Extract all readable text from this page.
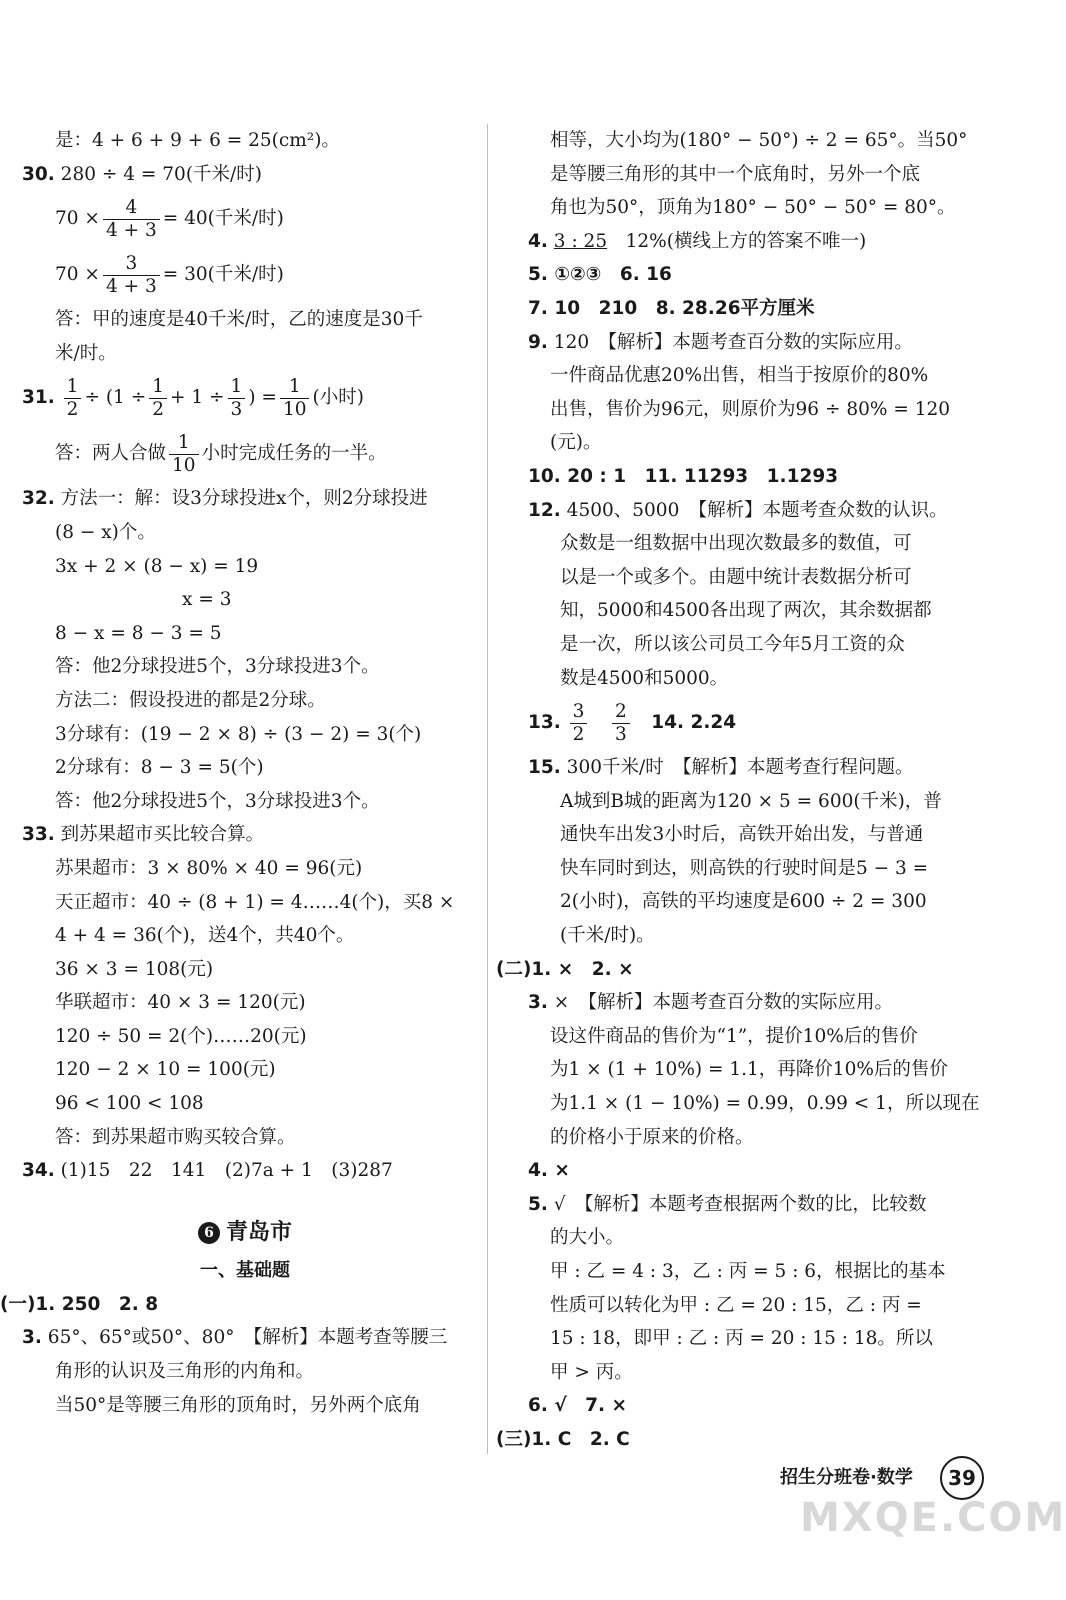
是：4 + 6 + 9 + 6 = 25(cm²)。
30. 280 ÷ 4 = 70(千米/时)
$70 \times \frac{4}{4 + 3} = 40$(千米/时)
$70 \times \frac{3}{4 + 3} = 30$(千米/时)
答：甲的速度是40千米/时，乙的速度是30千
米/时。
31. $\frac{1}{2} \div (1 \div \frac{1}{2} + 1 \div \frac{1}{3}$ ) = $\frac{1}{10}$ (小时)
答：两人合做 $\frac{1}{10}$ 小时完成任务的一半。
32. 方法一：解：设3分球投进x个，则2分球投进
(8 − x)个。
3x + 2 × (8 − x) = 19
x = 3
8 − x = 8 − 3 = 5
答：他2分球投进5个，3分球投进3个。
方法二：假设投进的都是2分球。
3分球有：(19 − 2 × 8) ÷ (3 − 2) = 3(个)
2分球有：8 − 3 = 5(个)
答：他2分球投进5个，3分球投进3个。
33. 到苏果超市买比较合算。
苏果超市：3 × 80% × 40 = 96(元)
天正超市：40 ÷ (8 + 1) = 4……4(个)，买8 ×
4 + 4 = 36(个)，送4个，共40个。
36 × 3 = 108(元)
华联超市：40 × 3 = 120(元)
120 ÷ 50 = 2(个)……20(元)
120 − 2 × 10 = 100(元)
96 < 100 < 108
答：到苏果超市购买较合算。
34. (1)15　22　141　(2)7a + 1　(3)287
6 青岛市
一、基础题
(一)1. 250　2. 8
3. 65°、65°或50°、80°　【解析】本题考查等腰三
角形的认识及三角形的内角和。
当50°是等腰三角形的顶角时，另外两个底角
相等，大小均为(180° − 50°) ÷ 2 = 65°。当50°
是等腰三角形的其中一个底角时，另外一个底
角也为50°，顶角为180° − 50° − 50° = 80°。
4. 3 : 25　 12%(横线上方的答案不唯一)
5. ①②③　6. 16
7. 10　210　8. 28.26平方厘米
9. 120　【解析】本题考查百分数的实际应用。
一件商品优惠20%出售，相当于按原价的80%
出售，售价为96元，则原价为96 ÷ 80% = 120
(元)。
10. 20 : 1　11. 11293　1.1293
12. 4500、5000　【解析】本题考查众数的认识。
众数是一组数据中出现次数最多的数值，可
以是一个或多个。由题中统计表数据分析可
知，5000和4500各出现了两次，其余数据都
是一次，所以该公司员工今年5月工资的众
数是4500和5000。
13. $\frac{3}{2}$
　 $\frac{2}{3}$
　 14. 2.24
15. 300千米/时　【解析】本题考查行程问题。
A城到B城的距离为120 × 5 = 600(千米)，普
通快车出发3小时后，高铁开始出发，与普通
快车同时到达，则高铁的行驶时间是5 − 3 =
2(小时)，高铁的平均速度是600 ÷ 2 = 300
(千米/时)。
(二)1. ×　2. ×
3. ×　【解析】本题考查百分数的实际应用。
设这件商品的售价为“1”，提价10%后的售价
为1 × (1 + 10%) = 1.1，再降价10%后的售价
为1.1 × (1 − 10%) = 0.99，0.99 < 1，所以现在
的价格小于原来的价格。
4. ×
5. √　【解析】本题考查根据两个数的比，比较数
的大小。
甲 : 乙 = 4 : 3，乙 : 丙 = 5 : 6，根据比的基本
性质可以转化为甲 : 乙 = 20 : 15，乙 : 丙 =
15 : 18，即甲 : 乙 : 丙 = 20 : 15 : 18。所以
甲 > 丙。
6. √　7. ×
(三)1. C　2. C
招生分班卷·数学	39
MXQE.COM
